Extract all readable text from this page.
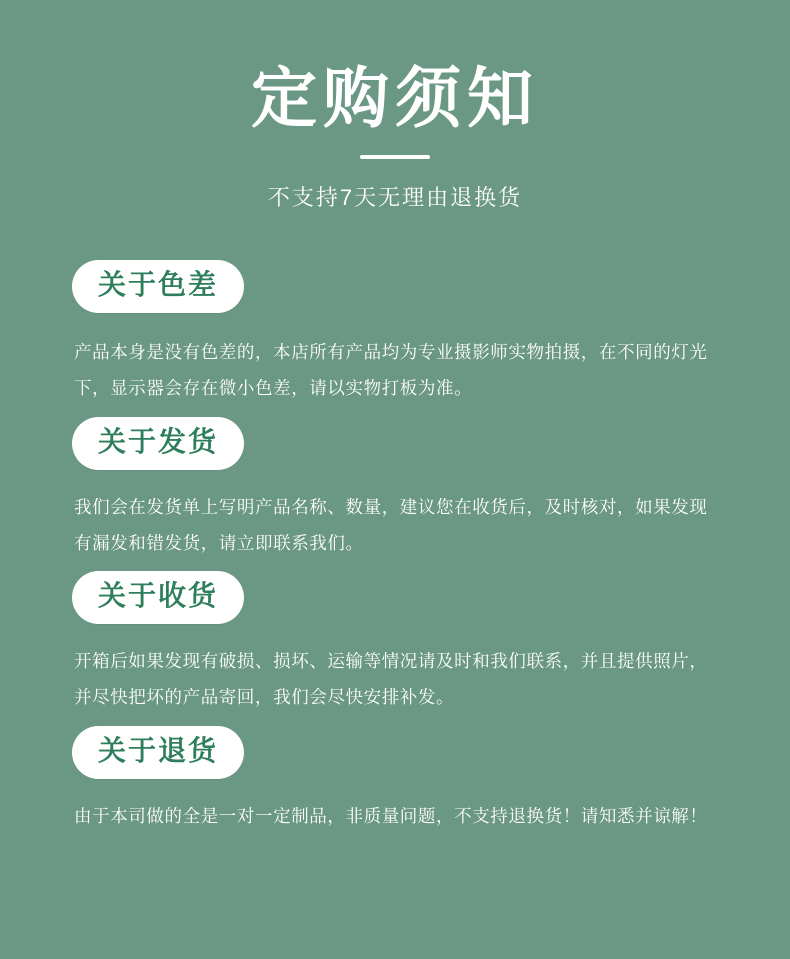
定购须知

不支持7天无理由退换货

关于色差

产品本身是没有色差的，本店所有产品均为专业摄影师实物拍摄，在不同的灯光下，显示器会存在微小色差，请以实物打板为准。

关于发货

我们会在发货单上写明产品名称、数量，建议您在收货后，及时核对，如果发现有漏发和错发货，请立即联系我们。

关于收货

开箱后如果发现有破损、损坏、运输等情况请及时和我们联系，并且提供照片，并尽快把坏的产品寄回，我们会尽快安排补发。

关于退货

由于本司做的全是一对一定制品，非质量问题，不支持退换货！请知悉并谅解！
